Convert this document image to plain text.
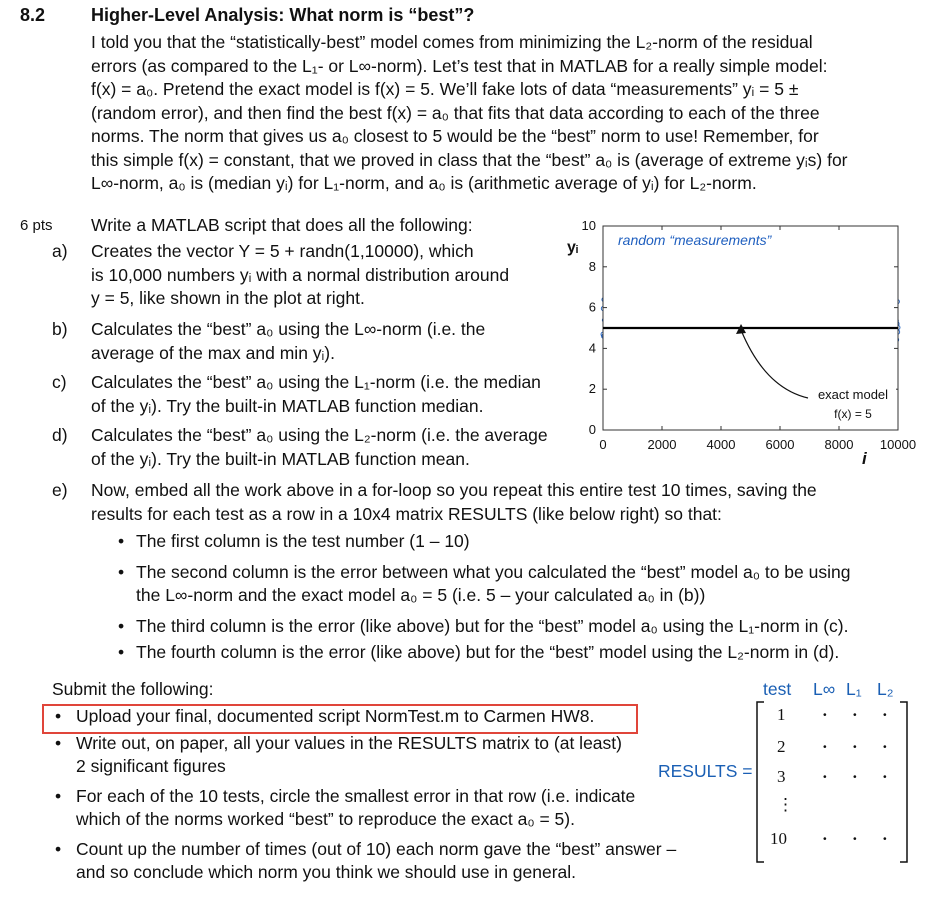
8.2	Higher-Level Analysis: What norm is “best”?
I told you that the “statistically-best” model comes from minimizing the L₂-norm of the residual
errors (as compared to the L₁- or L∞-norm). Let’s test that in MATLAB for a really simple model:
f(x) = a₀. Pretend the exact model is f(x) = 5. We’ll fake lots of data “measurements” yᵢ = 5 ±
(random error), and then find the best f(x) = a₀ that fits that data according to each of the three
norms. The norm that gives us a₀ closest to 5 would be the “best” norm to use! Remember, for
this simple f(x) = constant, that we proved in class that the “best” a₀ is (average of extreme yᵢs) for
L∞-norm, a₀ is (median yᵢ) for L₁-norm, and a₀ is (arithmetic average of yᵢ) for L₂-norm.
6 pts Write a MATLAB script that does all the following:
a) Creates the vector Y = 5 + randn(1,10000), which
is 10,000 numbers yᵢ with a normal distribution around
y = 5, like shown in the plot at right.
b) Calculates the “best” a₀ using the L∞-norm (i.e. the
average of the max and min yᵢ).
c) Calculates the “best” a₀ using the L₁-norm (i.e. the median
of the yᵢ). Try the built-in MATLAB function median.
d) Calculates the “best” a₀ using the L₂-norm (i.e. the average
of the yᵢ). Try the built-in MATLAB function mean.
0	2000 4000 6000 8000 10000
0
2
4
6
8
10
random “measurements”
yᵢ
i
exact model
f(x) = 5
e) Now, embed all the work above in a for-loop so you repeat this entire test 10 times, saving the
results for each test as a row in a 10x4 matrix RESULTS (like below right) so that:
• The first column is the test number (1 – 10)
• The second column is the error between what you calculated the “best” model a₀ to be using
the L∞-norm and the exact model a₀ = 5 (i.e. 5 – your calculated a₀ in (b))
• The third column is the error (like above) but for the “best” model a₀ using the L₁-norm in (c).
• The fourth column is the error (like above) but for the “best” model using the L₂-norm in (d).
Submit the following:
• Upload your final, documented script NormTest.m to Carmen HW8.
• Write out, on paper, all your values in the RESULTS matrix to (at least)
2 significant figures
• For each of the 10 tests, circle the smallest error in that row (i.e. indicate
which of the norms worked “best” to reproduce the exact a₀ = 5).
• Count up the number of times (out of 10) each norm gave the “best” answer –
and so conclude which norm you think we should use in general.
RESULTS =
test L∞ L₁ L₂
1 · · ·
2 · · ·
3 · · ·
⋮
10 · · ·
